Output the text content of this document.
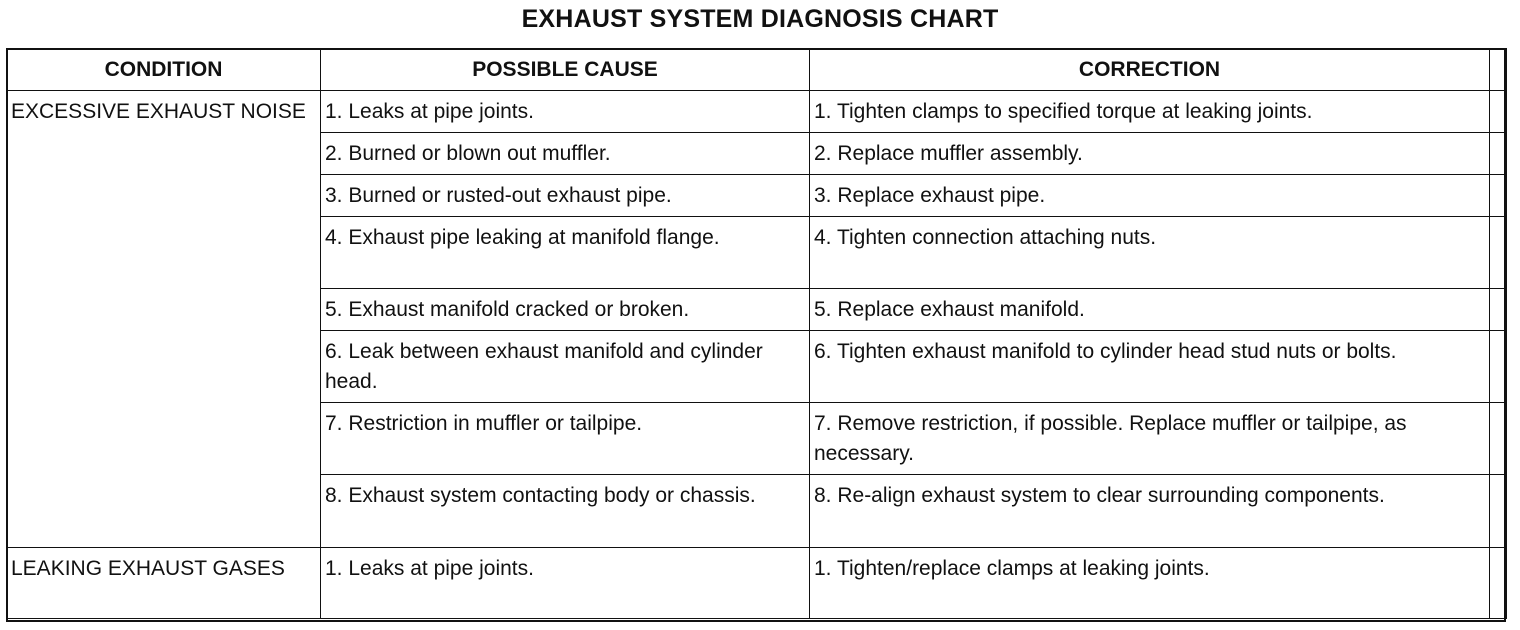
EXHAUST SYSTEM DIAGNOSIS CHART
CONDITION	POSSIBLE CAUSE	CORRECTION	
EXCESSIVE EXHAUST NOISE	1. Leaks at pipe joints.	1. Tighten clamps to specified torque at leaking joints.	
	2. Burned or blown out muffler.	2. Replace muffler assembly.	
	3. Burned or rusted-out exhaust pipe.	3. Replace exhaust pipe.	
	4. Exhaust pipe leaking at manifold flange.	4. Tighten connection attaching nuts.	
	5. Exhaust manifold cracked or broken.	5. Replace exhaust manifold.	
	6. Leak between exhaust manifold and cylinder head.	6. Tighten exhaust manifold to cylinder head stud nuts or bolts.	
	7. Restriction in muffler or tailpipe.	7. Remove restriction, if possible. Replace muffler or tailpipe, as necessary.	
	8. Exhaust system contacting body or chassis.	8. Re-align exhaust system to clear surrounding components.	
LEAKING EXHAUST GASES	1. Leaks at pipe joints.	1. Tighten/replace clamps at leaking joints.	
